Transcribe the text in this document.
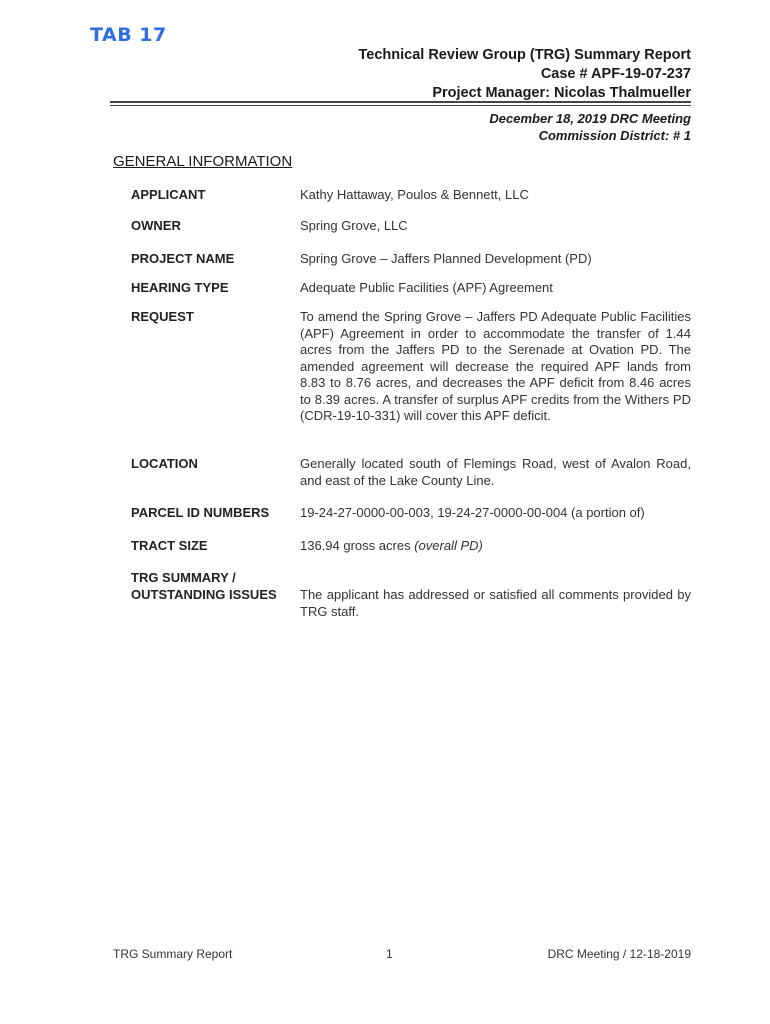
TAB 17
Technical Review Group (TRG) Summary Report
Case # APF-19-07-237
Project Manager: Nicolas Thalmueller
December 18, 2019 DRC Meeting
Commission District: # 1
GENERAL INFORMATION
APPLICANT	Kathy Hattaway, Poulos & Bennett, LLC
OWNER	Spring Grove, LLC
PROJECT NAME	Spring Grove – Jaffers Planned Development (PD)
HEARING TYPE	Adequate Public Facilities (APF) Agreement
REQUEST	To amend the Spring Grove – Jaffers PD Adequate Public Facilities (APF) Agreement in order to accommodate the transfer of 1.44 acres from the Jaffers PD to the Serenade at Ovation PD. The amended agreement will decrease the required APF lands from 8.83 to 8.76 acres, and decreases the APF deficit from 8.46 acres to 8.39 acres. A transfer of surplus APF credits from the Withers PD (CDR-19-10-331) will cover this APF deficit.
LOCATION	Generally located south of Flemings Road, west of Avalon Road, and east of the Lake County Line.
PARCEL ID NUMBERS 19-24-27-0000-00-003, 19-24-27-0000-00-004 (a portion of)
TRACT SIZE	136.94 gross acres (overall PD)
TRG SUMMARY /
OUTSTANDING ISSUES The applicant has addressed or satisfied all comments provided by TRG staff.
TRG Summary Report	1	DRC Meeting / 12-18-2019
